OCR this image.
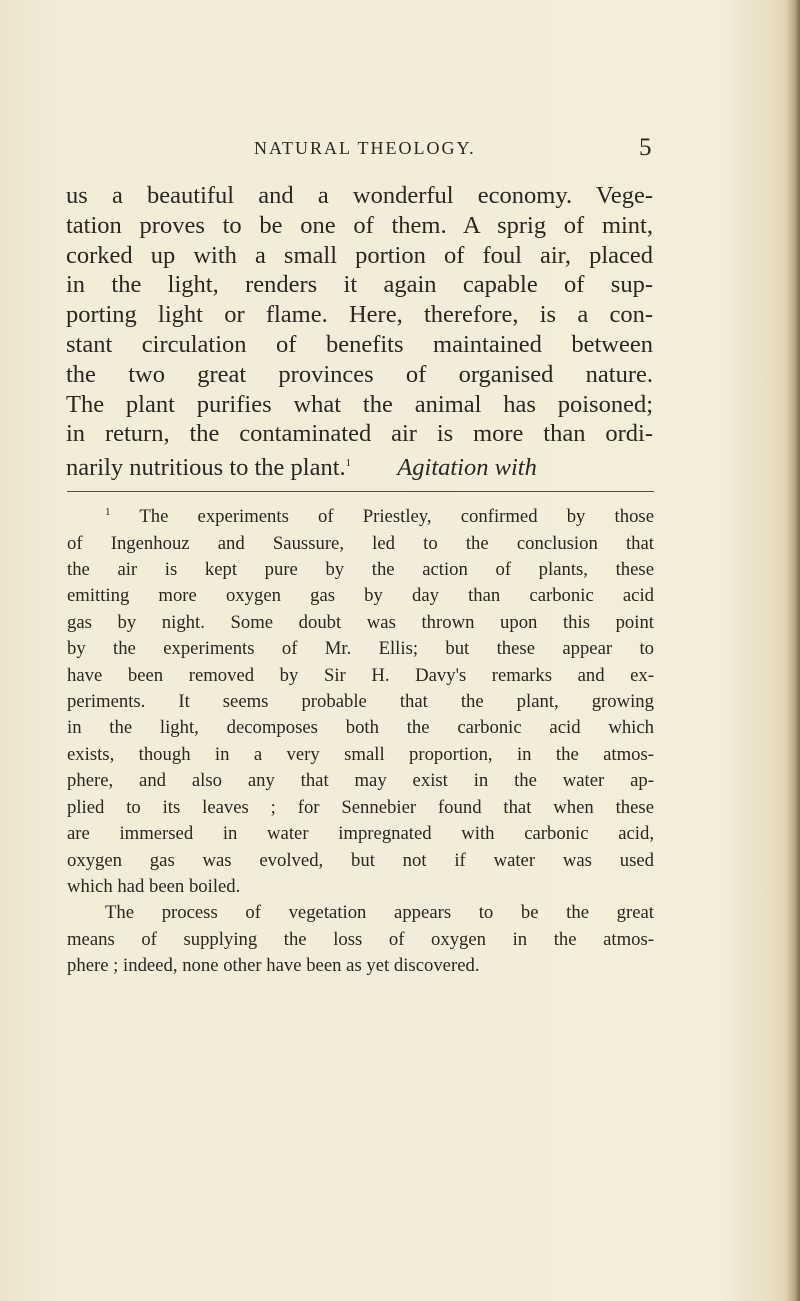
NATURAL THEOLOGY.	5
us a beautiful and a wonderful economy. Vege-
tation proves to be one of them. A sprig of mint,
corked up with a small portion of foul air, placed
in the light, renders it again capable of sup-
porting light or flame. Here, therefore, is a con-
stant circulation of benefits maintained between
the two great provinces of organised nature.
The plant purifies what the animal has poisoned;
in return, the contaminated air is more than ordi-
narily nutritious to the plant.$^1$ Agitation with
$^1$ The experiments of Priestley, confirmed by those
of Ingenhouz and Saussure, led to the conclusion that
the air is kept pure by the action of plants, these
emitting more oxygen gas by day than carbonic acid
gas by night. Some doubt was thrown upon this point
by the experiments of Mr. Ellis; but these appear to
have been removed by Sir H. Davy's remarks and ex-
periments. It seems probable that the plant, growing
in the light, decomposes both the carbonic acid which
exists, though in a very small proportion, in the atmos-
phere, and also any that may exist in the water ap-
plied to its leaves ; for Sennebier found that when these
are immersed in water impregnated with carbonic acid,
oxygen gas was evolved, but not if water was used
which had been boiled.
The process of vegetation appears to be the great
means of supplying the loss of oxygen in the atmos-
phere ; indeed, none other have been as yet discovered.
